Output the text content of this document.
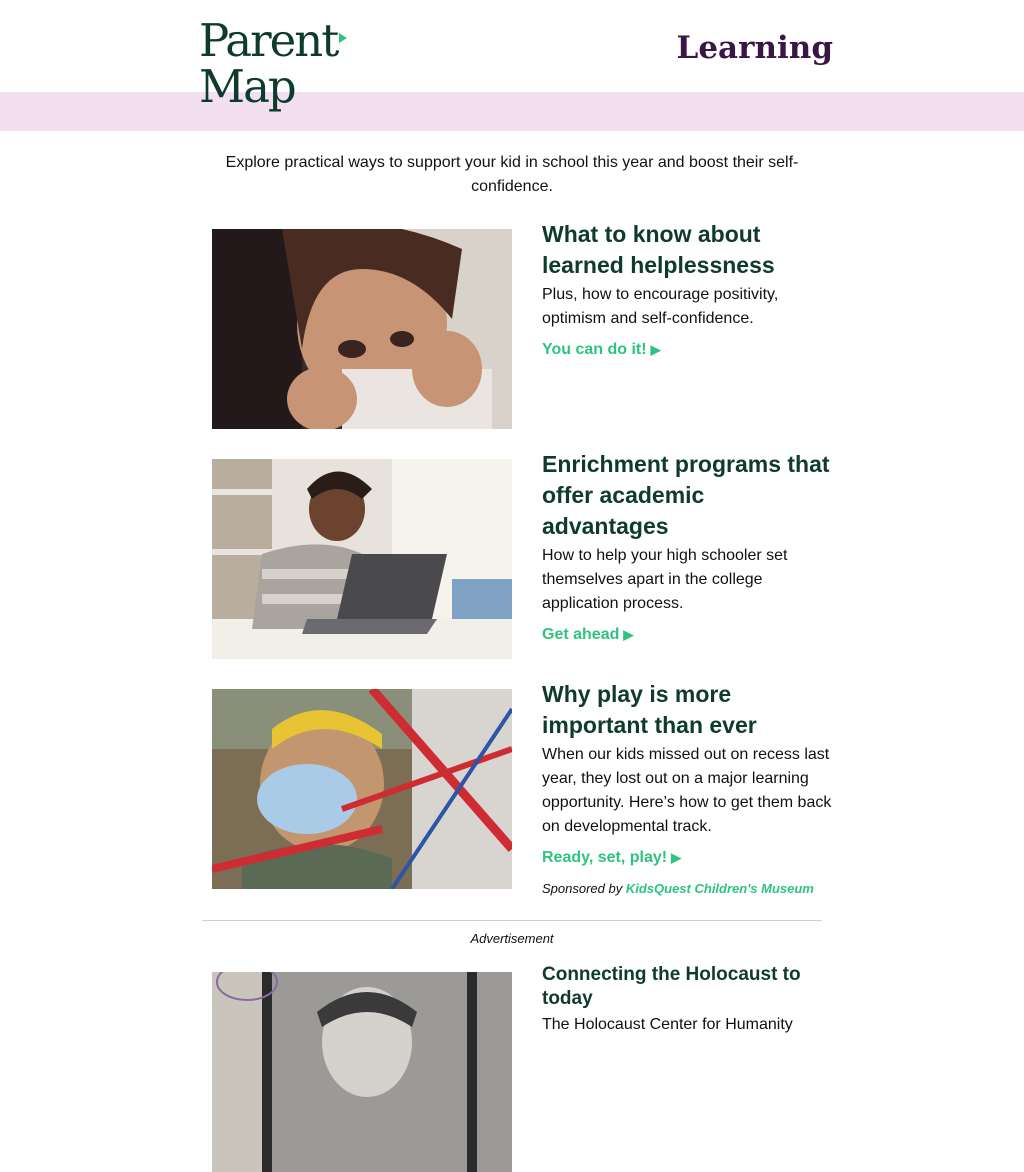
Parent
Map
Learning

Explore practical ways to support your kid in school this year and boost their self-confidence.

What to know about learned helplessness

Plus, how to encourage positivity, optimism and self-confidence.

You can do it! ▶
Enrichment programs that offer academic advantages

How to help your high schooler set themselves apart in the college application process.

Get ahead ▶
Why play is more important than ever

When our kids missed out on recess last year, they lost out on a major learning opportunity. Here’s how to get them back on developmental track.

Ready, set, play! ▶
Sponsored by KidsQuest Children's Museum
Advertisement
Connecting the Holocaust to today

The Holocaust Center for Humanity
